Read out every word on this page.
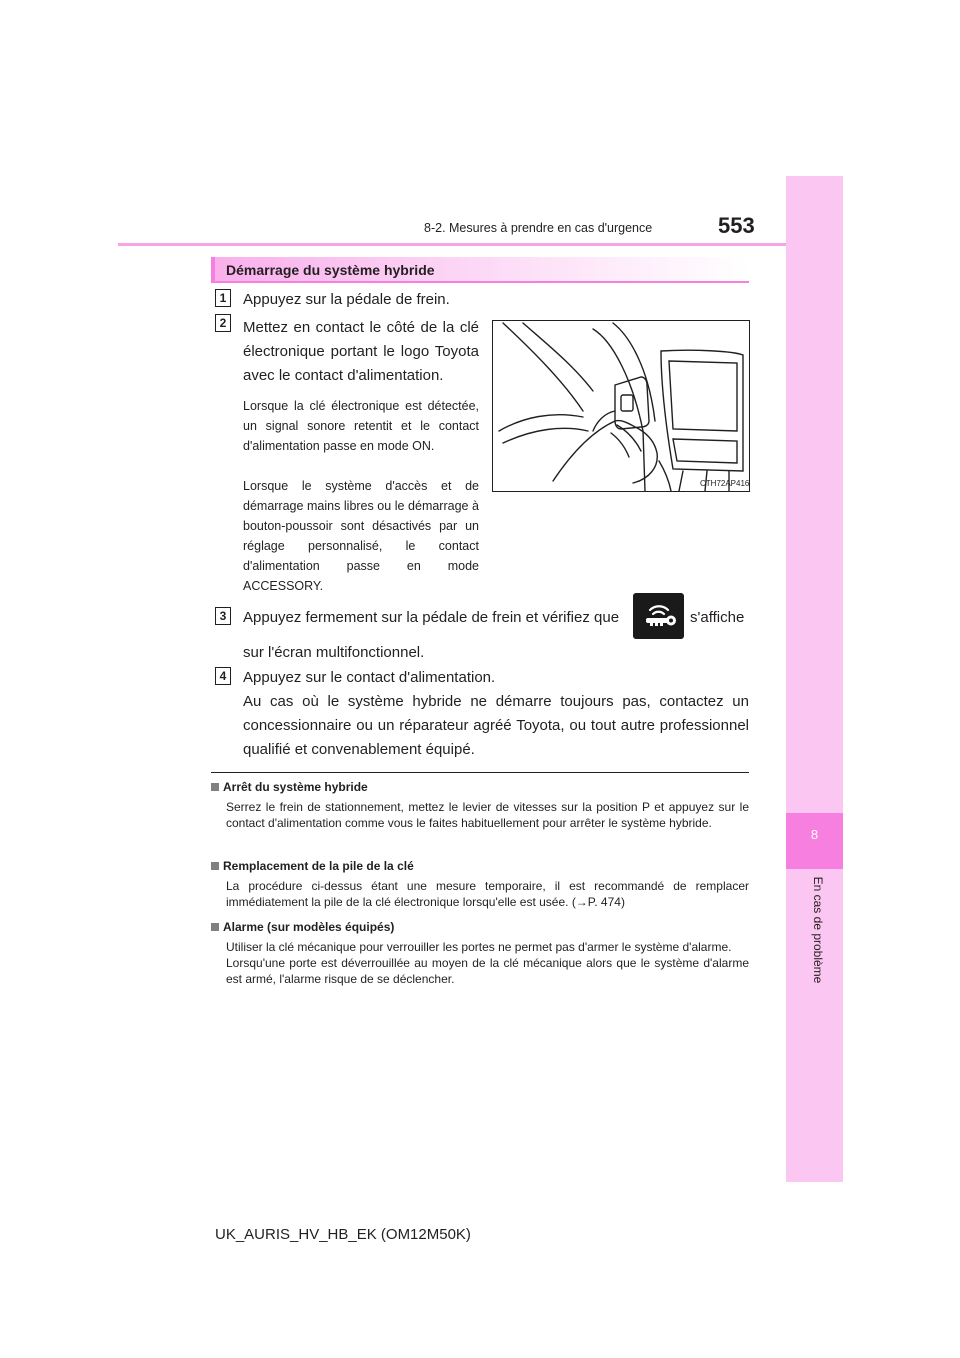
8-2. Mesures à prendre en cas d'urgence	553
8
En cas de problème
Démarrage du système hybride
1	Appuyez sur la pédale de frein.
2	Mettez en contact le côté de la clé électronique portant le logo Toyota avec le contact d'alimentation.
Lorsque la clé électronique est détectée, un signal sonore retentit et le contact d'alimentation passe en mode ON.
Lorsque le système d'accès et de démarrage mains libres ou le démarrage à bouton-poussoir sont désactivés par un réglage personnalisé, le contact d'alimentation passe en mode ACCESSORY.
CTH72AP416
3	Appuyez fermement sur la pédale de frein et vérifiez que	s'affiche
sur l'écran multifonctionnel.
4	Appuyez sur le contact d'alimentation.
Au cas où le système hybride ne démarre toujours pas, contactez un concessionnaire ou un réparateur agréé Toyota, ou tout autre professionnel qualifié et convenablement équipé.
Arrêt du système hybride
Serrez le frein de stationnement, mettez le levier de vitesses sur la position P et appuyez sur le contact d'alimentation comme vous le faites habituellement pour arrêter le système hybride.
Remplacement de la pile de la clé
La procédure ci-dessus étant une mesure temporaire, il est recommandé de remplacer immédiatement la pile de la clé électronique lorsqu'elle est usée. (→P. 474)
Alarme (sur modèles équipés)
Utiliser la clé mécanique pour verrouiller les portes ne permet pas d'armer le système d'alarme.
Lorsqu'une porte est déverrouillée au moyen de la clé mécanique alors que le système d'alarme est armé, l'alarme risque de se déclencher.
UK_AURIS_HV_HB_EK (OM12M50K)
